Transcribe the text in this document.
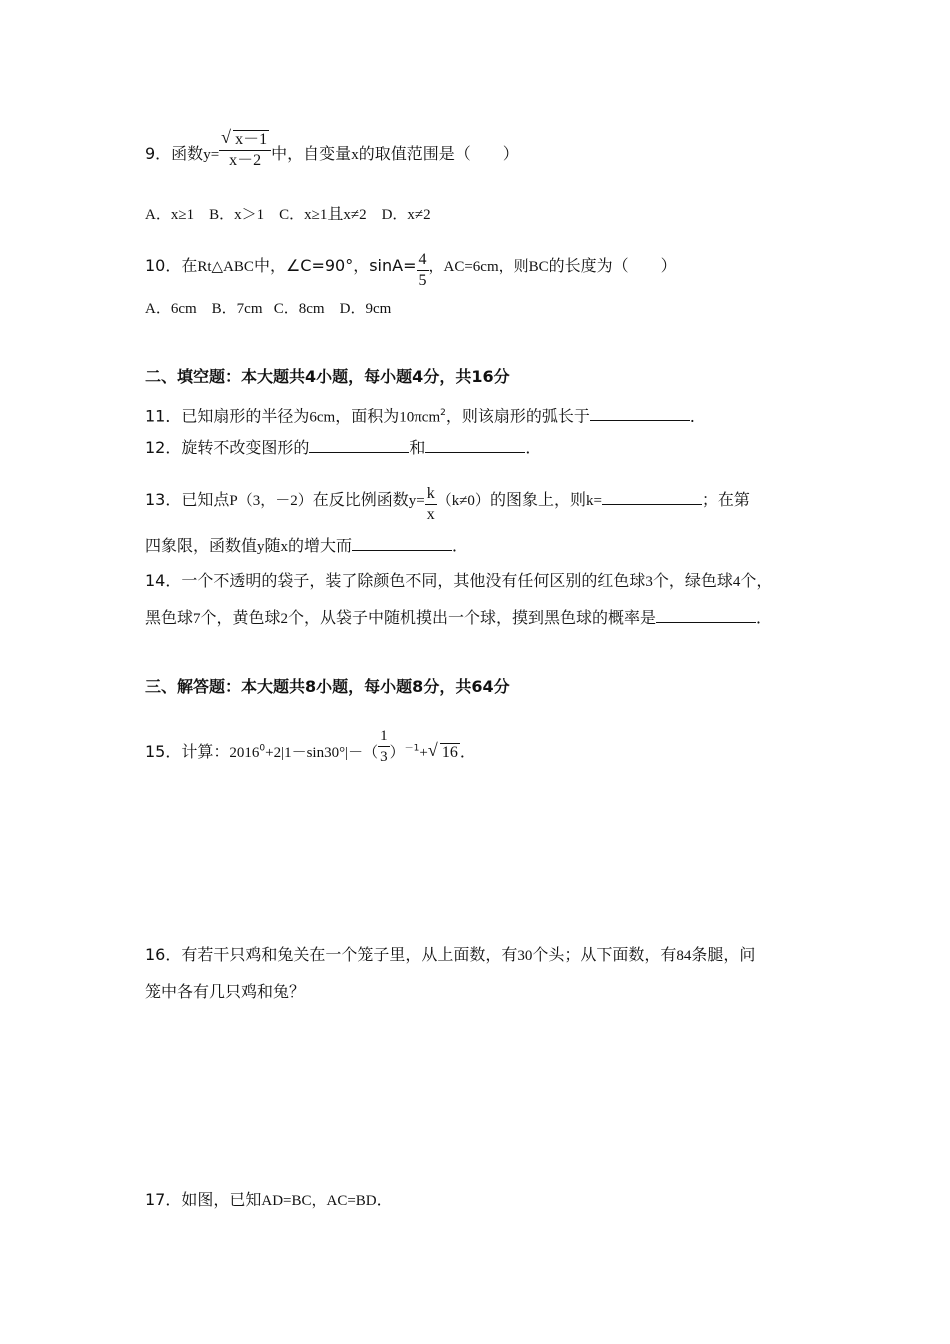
9．函数$y= \frac{√ x-1}{x-2}$ 中，自变量x的取值范围是（　　）
A．x≥1 B．x＞1 C．x≥1且x≠2 D．x≠2
10．在Rt△ABC中，∠C=90°，$\sin A= \frac{4}{5}$ ，AC=6cm，则BC的长度为（　　）
A．6cm B．7cm C．8cm D．9cm
二、填空题：本大题共4小题，每小题4分，共16分
11．已知扇形的半径为6cm，面积为10πcm$^2$，则该扇形的弧长于	．
12．旋转不改变图形的	和	．
13．已知点P（3，－2）在反比例函数$y= \frac{k}{x} (k\ne 0)$的图象上，则k=	；在第
四象限，函数值y随x的增大而	．
14．一个不透明的袋子，装了除颜色不同，其他没有任何区别的红色球3个，绿色球4个，
黑色球7个，黄色球2个，从袋子中随机摸出一个球，摸到黑色球的概率是	．
三、解答题：本大题共8小题，每小题8分，共64分
15．计算：$2016^0+2|1-\sin 30^\circ|-( \frac{1}{3} )^{-1}+$ √ 16 ．
16．有若干只鸡和兔关在一个笼子里，从上面数，有30个头；从下面数，有84条腿，问
笼中各有几只鸡和兔？
17．如图，已知AD=BC，AC=BD．
